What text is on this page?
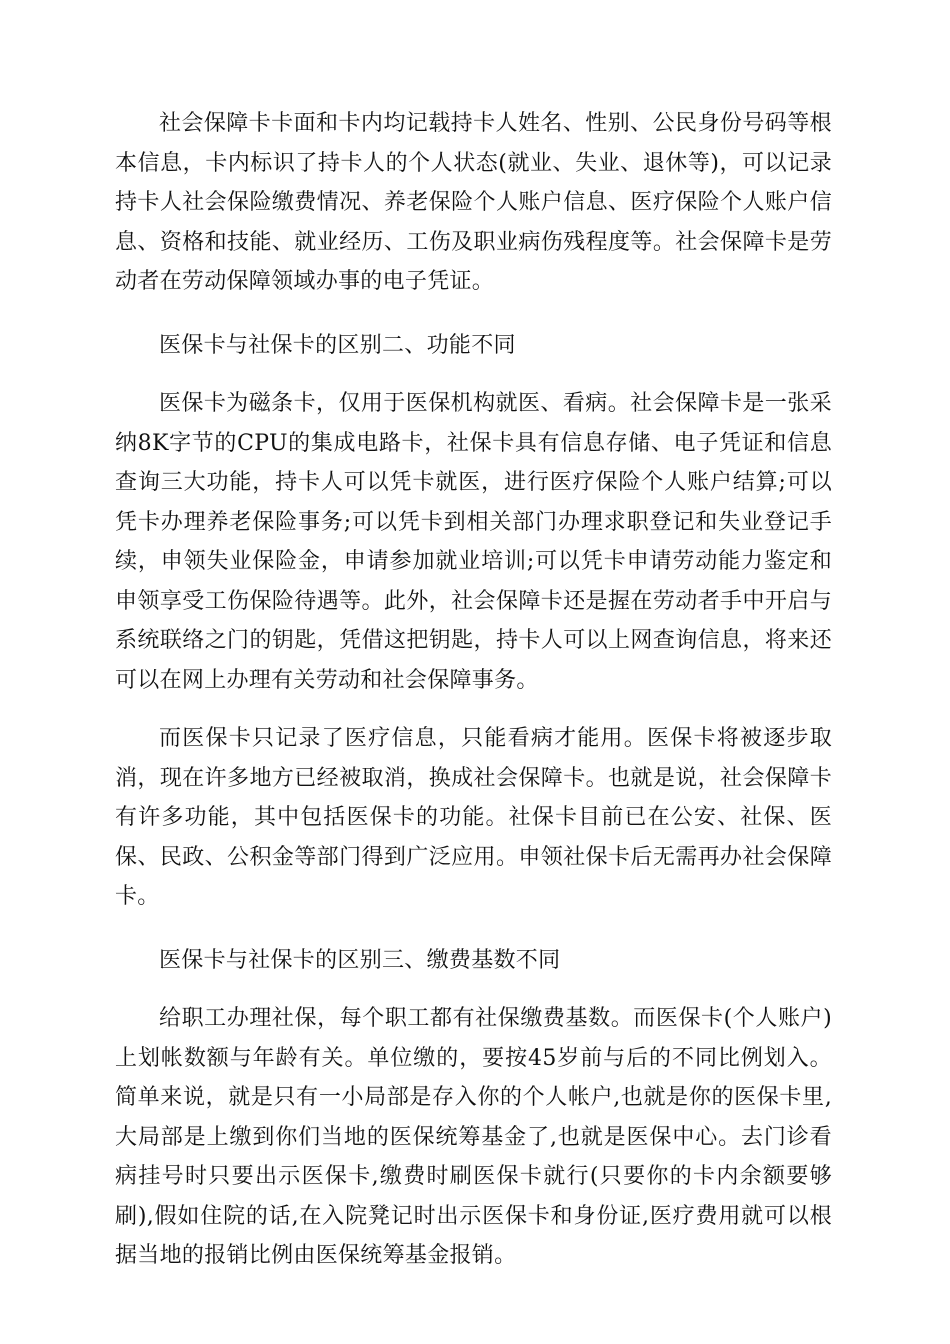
社会保障卡卡面和卡内均记载持卡人姓名、性别、公民身份号码等根本信息，卡内标识了持卡人的个人状态(就业、失业、退休等)，可以记录持卡人社会保险缴费情况、养老保险个人账户信息、医疗保险个人账户信息、资格和技能、就业经历、工伤及职业病伤残程度等。社会保障卡是劳动者在劳动保障领域办事的电子凭证。

医保卡与社保卡的区别二、功能不同

医保卡为磁条卡，仅用于医保机构就医、看病。社会保障卡是一张采纳8K字节的CPU的集成电路卡，社保卡具有信息存储、电子凭证和信息查询三大功能，持卡人可以凭卡就医，进行医疗保险个人账户结算;可以凭卡办理养老保险事务;可以凭卡到相关部门办理求职登记和失业登记手续，申领失业保险金，申请参加就业培训;可以凭卡申请劳动能力鉴定和申领享受工伤保险待遇等。此外，社会保障卡还是握在劳动者手中开启与系统联络之门的钥匙，凭借这把钥匙，持卡人可以上网查询信息，将来还可以在网上办理有关劳动和社会保障事务。

而医保卡只记录了医疗信息，只能看病才能用。医保卡将被逐步取消，现在许多地方已经被取消，换成社会保障卡。也就是说，社会保障卡有许多功能，其中包括医保卡的功能。社保卡目前已在公安、社保、医保、民政、公积金等部门得到广泛应用。申领社保卡后无需再办社会保障卡。

医保卡与社保卡的区别三、缴费基数不同

给职工办理社保，每个职工都有社保缴费基数。而医保卡(个人账户)上划帐数额与年龄有关。单位缴的，要按45岁前与后的不同比例划入。简单来说，就是只有一小局部是存入你的个人帐户,也就是你的医保卡里,大局部是上缴到你们当地的医保统筹基金了,也就是医保中心。去门诊看病挂号时只要出示医保卡,缴费时刷医保卡就行(只要你的卡内余额要够刷),假如住院的话,在入院凳记时出示医保卡和身份证,医疗费用就可以根据当地的报销比例由医保统筹基金报销。
